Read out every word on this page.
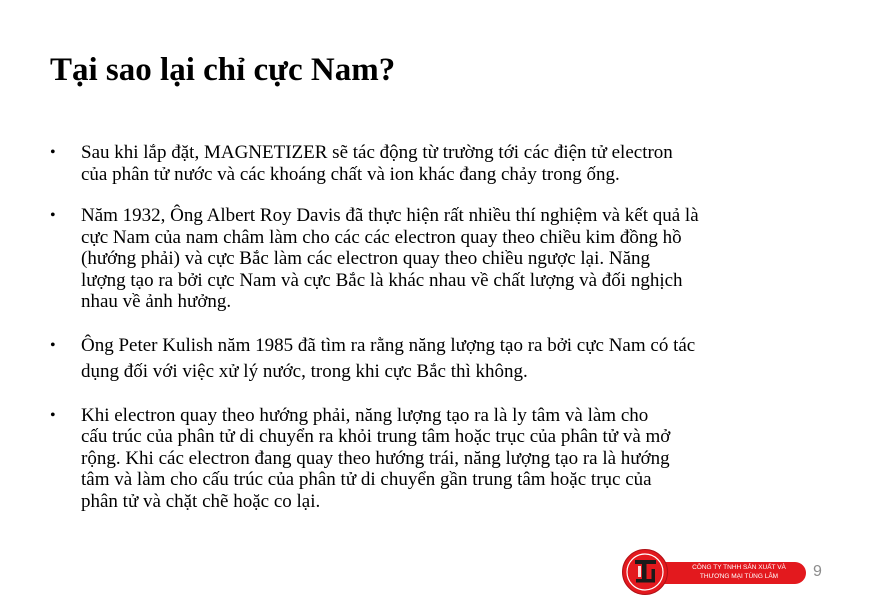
Tại sao lại chỉ cực Nam?
• Sau khi lắp đặt, MAGNETIZER sẽ tác động từ trường tới các điện tử electron
của phân tử nước và các khoáng chất và ion khác đang chảy trong ống.
• Năm 1932, Ông Albert Roy Davis đã thực hiện rất nhiều thí nghiệm và kết quả là
cực Nam của nam châm làm cho các các electron quay theo chiều kim đồng hồ
(hướng phải) và cực Bắc làm các electron quay theo chiều ngược lại. Năng
lượng tạo ra bởi cực Nam và cực Bắc là khác nhau về chất lượng và đối nghịch
nhau về ảnh hưởng.
• Ông Peter Kulish năm 1985 đã tìm ra rằng năng lượng tạo ra bởi cực Nam có tác
dụng đối với việc xử lý nước, trong khi cực Bắc thì không.
• Khi electron quay theo hướng phải, năng lượng tạo ra là ly tâm và làm cho
cấu trúc của phân tử di chuyển ra khỏi trung tâm hoặc trục của phân tử và mở
rộng. Khi các electron đang quay theo hướng trái, năng lượng tạo ra là hướng
tâm và làm cho cấu trúc của phân tử di chuyển gần trung tâm hoặc trục của
phân tử và chặt chẽ hoặc co lại.
CÔNG TY TNHH SẢN XUẤT VÀ
THƯƠNG MẠI TÙNG LÂM	9
